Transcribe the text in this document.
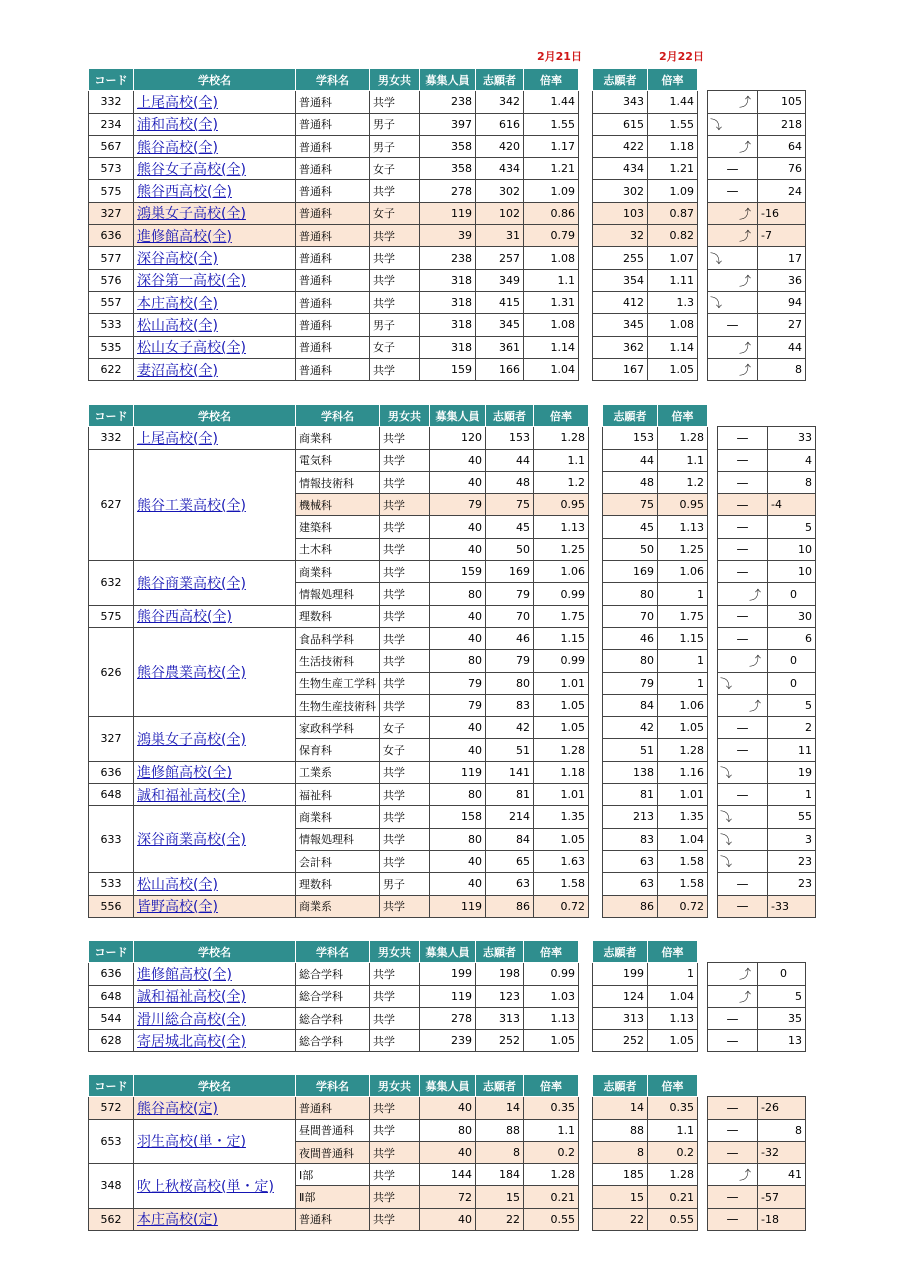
2月21日	2月22日
コード	学校名	学科名	男女共	募集人員	志願者	倍率		志願者	倍率			
332	上尾高校(全)	普通科	共学	238	342	1.44		343	1.44		⤴	105
234	浦和高校(全)	普通科	男子	397	616	1.55		615	1.55		⤵	218
567	熊谷高校(全)	普通科	男子	358	420	1.17		422	1.18		⤴	64
573	熊谷女子高校(全)	普通科	女子	358	434	1.21		434	1.21		—	76
575	熊谷西高校(全)	普通科	共学	278	302	1.09		302	1.09		—	24
327	鴻巣女子高校(全)	普通科	女子	119	102	0.86		103	0.87		⤴	-16
636	進修館高校(全)	普通科	共学	39	31	0.79		32	0.82		⤴	-7
577	深谷高校(全)	普通科	共学	238	257	1.08		255	1.07		⤵	17
576	深谷第一高校(全)	普通科	共学	318	349	1.1		354	1.11		⤴	36
557	本庄高校(全)	普通科	共学	318	415	1.31		412	1.3		⤵	94
533	松山高校(全)	普通科	男子	318	345	1.08		345	1.08		—	27
535	松山女子高校(全)	普通科	女子	318	361	1.14		362	1.14		⤴	44
622	妻沼高校(全)	普通科	共学	159	166	1.04		167	1.05		⤴	8
コード	学校名	学科名	男女共	募集人員	志願者	倍率		志願者	倍率			
332	上尾高校(全)	商業科	共学	120	153	1.28		153	1.28		—	33
627	熊谷工業高校(全)	電気科	共学	40	44	1.1		44	1.1		—	4
		情報技術科	共学	40	48	1.2		48	1.2		—	8
		機械科	共学	79	75	0.95		75	0.95		—	-4
		建築科	共学	40	45	1.13		45	1.13		—	5
		土木科	共学	40	50	1.25		50	1.25		—	10
632	熊谷商業高校(全)	商業科	共学	159	169	1.06		169	1.06		—	10
		情報処理科	共学	80	79	0.99		80	1		⤴	0
575	熊谷西高校(全)	理数科	共学	40	70	1.75		70	1.75		—	30
626	熊谷農業高校(全)	食品科学科	共学	40	46	1.15		46	1.15		—	6
		生活技術科	共学	80	79	0.99		80	1		⤴	0
		生物生産工学科	共学	79	80	1.01		79	1		⤵	0
		生物生産技術科	共学	79	83	1.05		84	1.06		⤴	5
327	鴻巣女子高校(全)	家政科学科	女子	40	42	1.05		42	1.05		—	2
		保育科	女子	40	51	1.28		51	1.28		—	11
636	進修館高校(全)	工業系	共学	119	141	1.18		138	1.16		⤵	19
648	誠和福祉高校(全)	福祉科	共学	80	81	1.01		81	1.01		—	1
633	深谷商業高校(全)	商業科	共学	158	214	1.35		213	1.35		⤵	55
		情報処理科	共学	80	84	1.05		83	1.04		⤵	3
		会計科	共学	40	65	1.63		63	1.58		⤵	23
533	松山高校(全)	理数科	男子	40	63	1.58		63	1.58		—	23
556	皆野高校(全)	商業系	共学	119	86	0.72		86	0.72		—	-33
コード	学校名	学科名	男女共	募集人員	志願者	倍率		志願者	倍率			
636	進修館高校(全)	総合学科	共学	199	198	0.99		199	1		⤴	0
648	誠和福祉高校(全)	総合学科	共学	119	123	1.03		124	1.04		⤴	5
544	滑川総合高校(全)	総合学科	共学	278	313	1.13		313	1.13		—	35
628	寄居城北高校(全)	総合学科	共学	239	252	1.05		252	1.05		—	13
コード	学校名	学科名	男女共	募集人員	志願者	倍率		志願者	倍率			
572	熊谷高校(定)	普通科	共学	40	14	0.35		14	0.35		—	-26
653	羽生高校(単・定)	昼間普通科	共学	80	88	1.1		88	1.1		—	8
		夜間普通科	共学	40	8	0.2		8	0.2		—	-32
348	吹上秋桜高校(単・定)	Ⅰ部	共学	144	184	1.28		185	1.28		⤴	41
		Ⅱ部	共学	72	15	0.21		15	0.21		—	-57
562	本庄高校(定)	普通科	共学	40	22	0.55		22	0.55		—	-18
